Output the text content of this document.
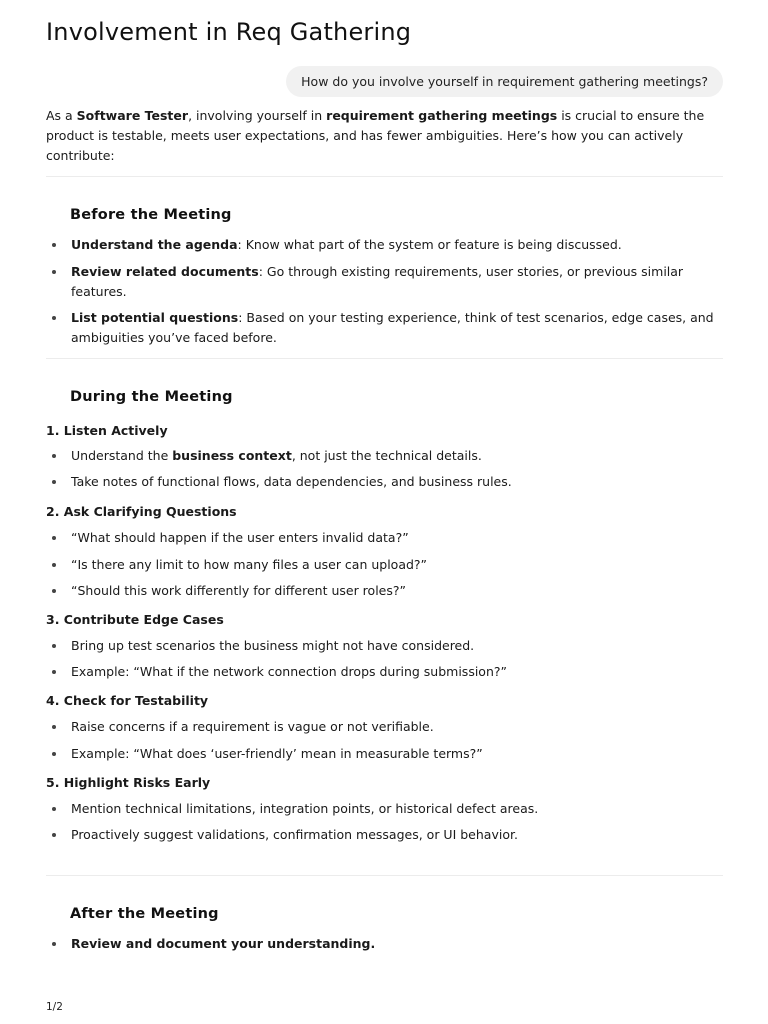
Involvement in Req Gathering
How do you involve yourself in requirement gathering meetings?

As a Software Tester, involving yourself in requirement gathering meetings is crucial to ensure the product is testable, meets user expectations, and has fewer ambiguities. Here’s how you can actively contribute:

Before the Meeting
Understand the agenda: Know what part of the system or feature is being discussed.
Review related documents: Go through existing requirements, user stories, or previous similar features.
List potential questions: Based on your testing experience, think of test scenarios, edge cases, and ambiguities you’ve faced before.
During the Meeting
1. Listen Actively
Understand the business context, not just the technical details.
Take notes of functional flows, data dependencies, and business rules.
2. Ask Clarifying Questions
“What should happen if the user enters invalid data?”
“Is there any limit to how many files a user can upload?”
“Should this work differently for different user roles?”
3. Contribute Edge Cases
Bring up test scenarios the business might not have considered.
Example: “What if the network connection drops during submission?”
4. Check for Testability
Raise concerns if a requirement is vague or not verifiable.
Example: “What does ‘user-friendly’ mean in measurable terms?”
5. Highlight Risks Early
Mention technical limitations, integration points, or historical defect areas.
Proactively suggest validations, confirmation messages, or UI behavior.
After the Meeting
Review and document your understanding.
1/2
